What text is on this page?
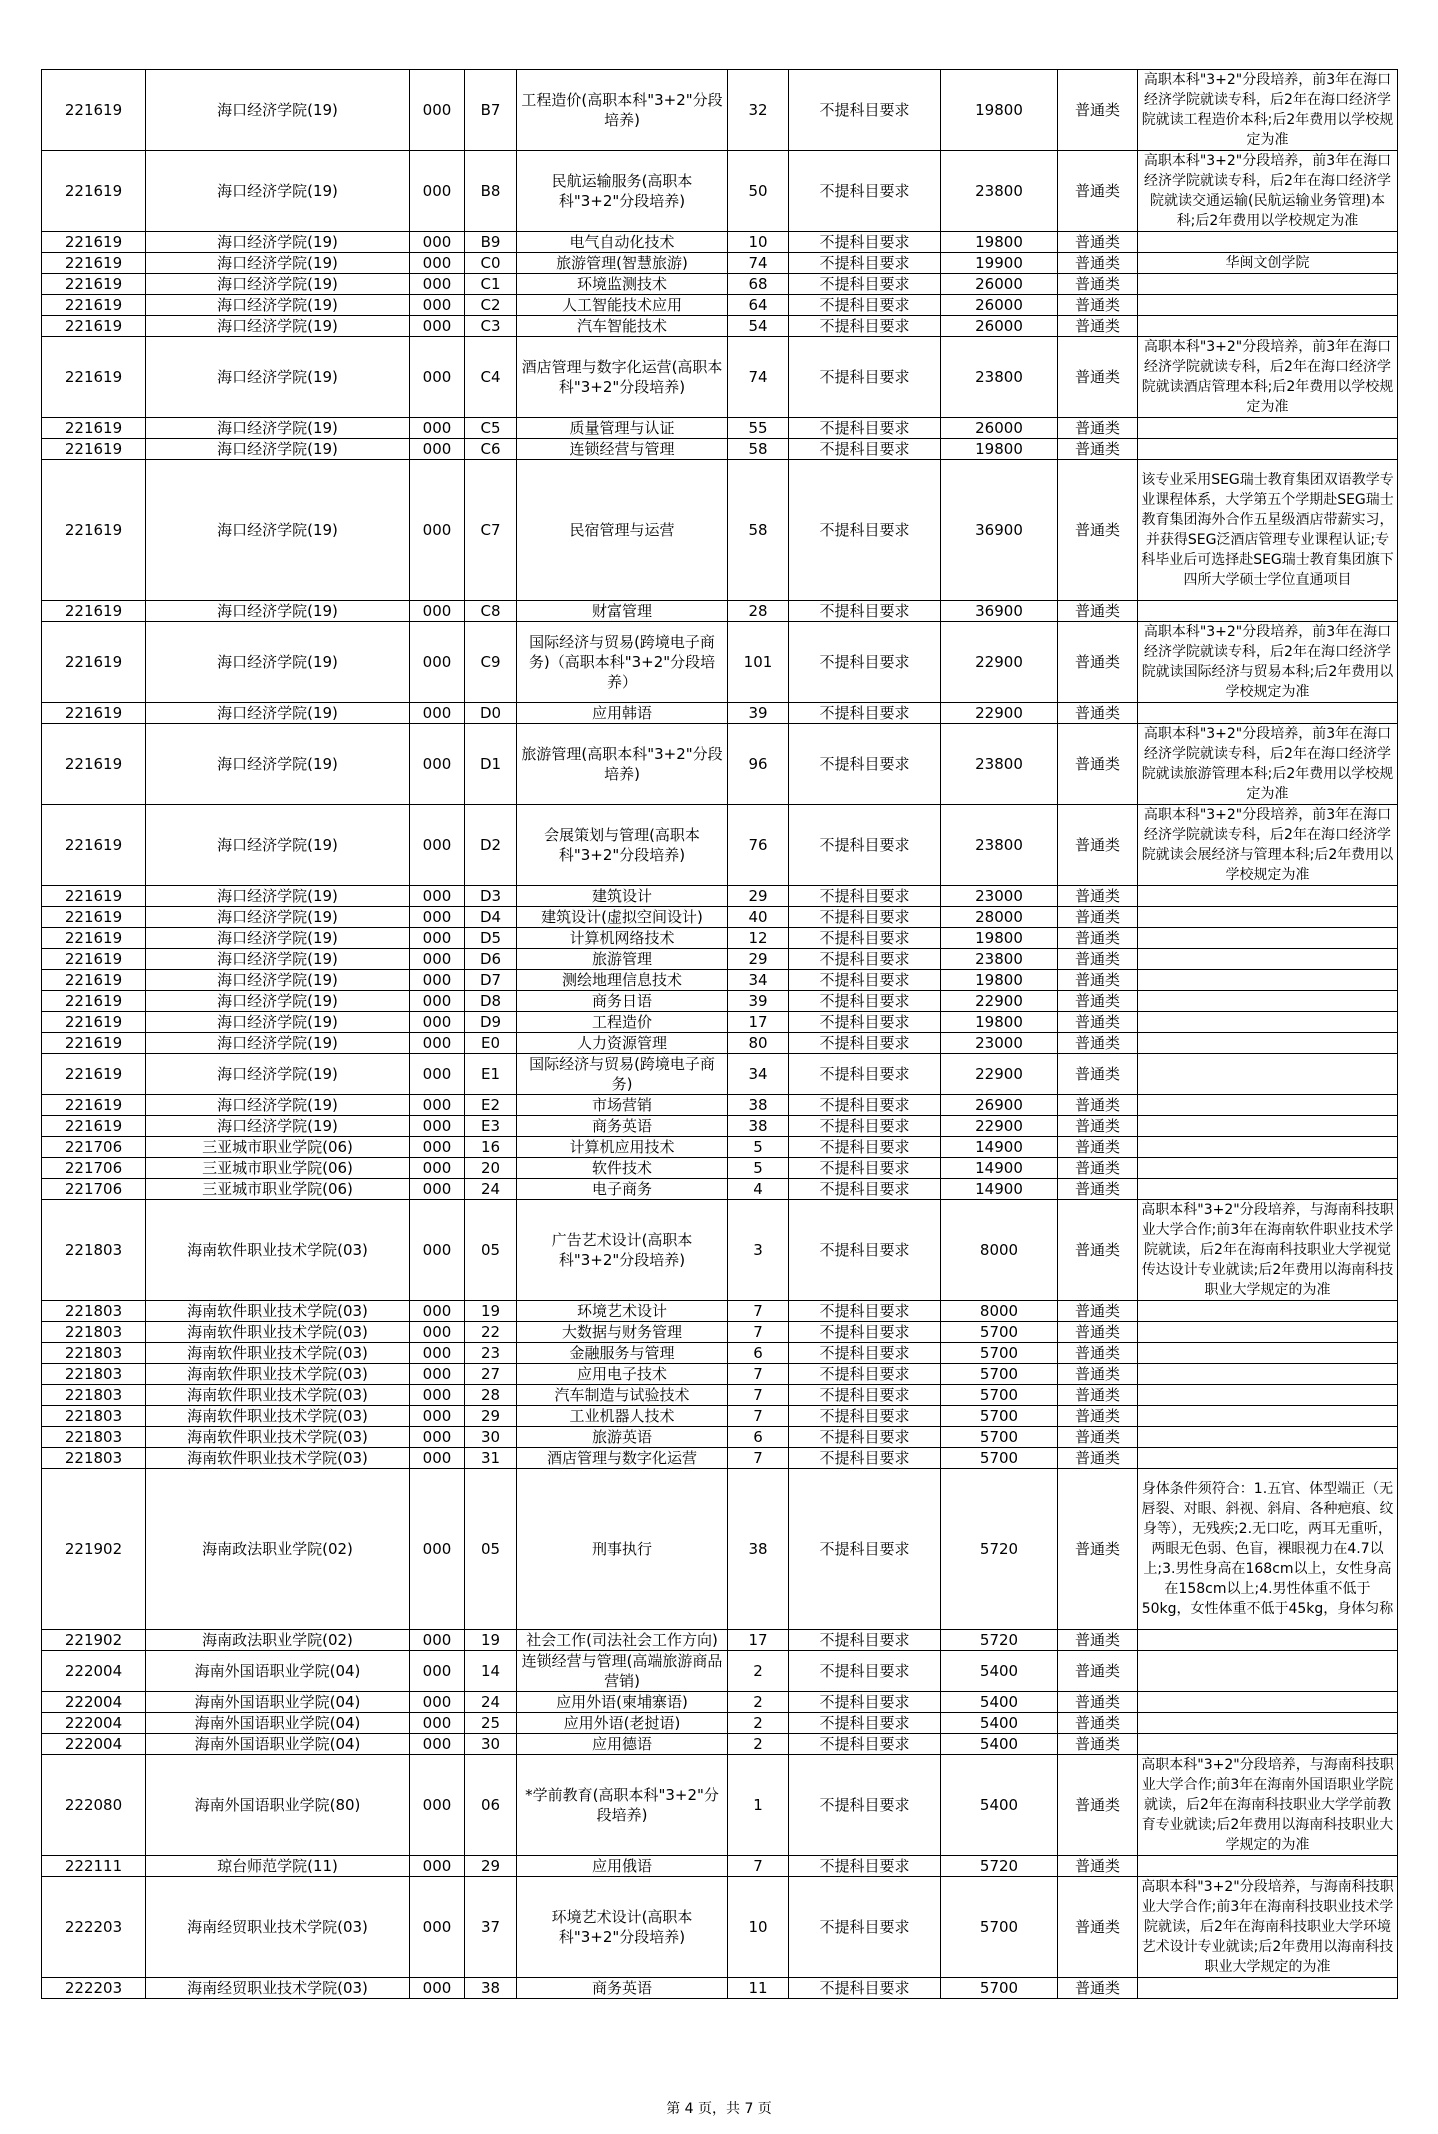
221619	海口经济学院(19)	000	B7	工程造价(高职本科"3+2"分段培养)	32	不提科目要求	19800	普通类	高职本科"3+2"分段培养，前3年在海口经济学院就读专科，后2年在海口经济学院就读工程造价本科;后2年费用以学校规定为准
221619	海口经济学院(19)	000	B8	民航运输服务(高职本科"3+2"分段培养)	50	不提科目要求	23800	普通类	高职本科"3+2"分段培养，前3年在海口经济学院就读专科，后2年在海口经济学院就读交通运输(民航运输业务管理)本科;后2年费用以学校规定为准
221619	海口经济学院(19)	000	B9	电气自动化技术	10	不提科目要求	19800	普通类	
221619	海口经济学院(19)	000	C0	旅游管理(智慧旅游)	74	不提科目要求	19900	普通类	华闽文创学院
221619	海口经济学院(19)	000	C1	环境监测技术	68	不提科目要求	26000	普通类	
221619	海口经济学院(19)	000	C2	人工智能技术应用	64	不提科目要求	26000	普通类	
221619	海口经济学院(19)	000	C3	汽车智能技术	54	不提科目要求	26000	普通类	
221619	海口经济学院(19)	000	C4	酒店管理与数字化运营(高职本科"3+2"分段培养)	74	不提科目要求	23800	普通类	高职本科"3+2"分段培养，前3年在海口经济学院就读专科，后2年在海口经济学院就读酒店管理本科;后2年费用以学校规定为准
221619	海口经济学院(19)	000	C5	质量管理与认证	55	不提科目要求	26000	普通类	
221619	海口经济学院(19)	000	C6	连锁经营与管理	58	不提科目要求	19800	普通类	
221619	海口经济学院(19)	000	C7	民宿管理与运营	58	不提科目要求	36900	普通类	该专业采用SEG瑞士教育集团双语教学专业课程体系，大学第五个学期赴SEG瑞士教育集团海外合作五星级酒店带薪实习，并获得SEG泛酒店管理专业课程认证;专科毕业后可选择赴SEG瑞士教育集团旗下四所大学硕士学位直通项目
221619	海口经济学院(19)	000	C8	财富管理	28	不提科目要求	36900	普通类	
221619	海口经济学院(19)	000	C9	国际经济与贸易(跨境电子商务)（高职本科"3+2"分段培养）	101	不提科目要求	22900	普通类	高职本科"3+2"分段培养，前3年在海口经济学院就读专科，后2年在海口经济学院就读国际经济与贸易本科;后2年费用以学校规定为准
221619	海口经济学院(19)	000	D0	应用韩语	39	不提科目要求	22900	普通类	
221619	海口经济学院(19)	000	D1	旅游管理(高职本科"3+2"分段培养)	96	不提科目要求	23800	普通类	高职本科"3+2"分段培养，前3年在海口经济学院就读专科，后2年在海口经济学院就读旅游管理本科;后2年费用以学校规定为准
221619	海口经济学院(19)	000	D2	会展策划与管理(高职本科"3+2"分段培养)	76	不提科目要求	23800	普通类	高职本科"3+2"分段培养，前3年在海口经济学院就读专科，后2年在海口经济学院就读会展经济与管理本科;后2年费用以学校规定为准
221619	海口经济学院(19)	000	D3	建筑设计	29	不提科目要求	23000	普通类	
221619	海口经济学院(19)	000	D4	建筑设计(虚拟空间设计)	40	不提科目要求	28000	普通类	
221619	海口经济学院(19)	000	D5	计算机网络技术	12	不提科目要求	19800	普通类	
221619	海口经济学院(19)	000	D6	旅游管理	29	不提科目要求	23800	普通类	
221619	海口经济学院(19)	000	D7	测绘地理信息技术	34	不提科目要求	19800	普通类	
221619	海口经济学院(19)	000	D8	商务日语	39	不提科目要求	22900	普通类	
221619	海口经济学院(19)	000	D9	工程造价	17	不提科目要求	19800	普通类	
221619	海口经济学院(19)	000	E0	人力资源管理	80	不提科目要求	23000	普通类	
221619	海口经济学院(19)	000	E1	国际经济与贸易(跨境电子商务)	34	不提科目要求	22900	普通类	
221619	海口经济学院(19)	000	E2	市场营销	38	不提科目要求	26900	普通类	
221619	海口经济学院(19)	000	E3	商务英语	38	不提科目要求	22900	普通类	
221706	三亚城市职业学院(06)	000	16	计算机应用技术	5	不提科目要求	14900	普通类	
221706	三亚城市职业学院(06)	000	20	软件技术	5	不提科目要求	14900	普通类	
221706	三亚城市职业学院(06)	000	24	电子商务	4	不提科目要求	14900	普通类	
221803	海南软件职业技术学院(03)	000	05	广告艺术设计(高职本科"3+2"分段培养)	3	不提科目要求	8000	普通类	高职本科"3+2"分段培养，与海南科技职业大学合作;前3年在海南软件职业技术学院就读，后2年在海南科技职业大学视觉传达设计专业就读;后2年费用以海南科技职业大学规定的为准
221803	海南软件职业技术学院(03)	000	19	环境艺术设计	7	不提科目要求	8000	普通类	
221803	海南软件职业技术学院(03)	000	22	大数据与财务管理	7	不提科目要求	5700	普通类	
221803	海南软件职业技术学院(03)	000	23	金融服务与管理	6	不提科目要求	5700	普通类	
221803	海南软件职业技术学院(03)	000	27	应用电子技术	7	不提科目要求	5700	普通类	
221803	海南软件职业技术学院(03)	000	28	汽车制造与试验技术	7	不提科目要求	5700	普通类	
221803	海南软件职业技术学院(03)	000	29	工业机器人技术	7	不提科目要求	5700	普通类	
221803	海南软件职业技术学院(03)	000	30	旅游英语	6	不提科目要求	5700	普通类	
221803	海南软件职业技术学院(03)	000	31	酒店管理与数字化运营	7	不提科目要求	5700	普通类	
221902	海南政法职业学院(02)	000	05	刑事执行	38	不提科目要求	5720	普通类	身体条件须符合：1.五官、体型端正（无唇裂、对眼、斜视、斜肩、各种疤痕、纹身等），无残疾;2.无口吃，两耳无重听，两眼无色弱、色盲，裸眼视力在4.7以上;3.男性身高在168cm以上，女性身高在158cm以上;4.男性体重不低于50kg，女性体重不低于45kg，身体匀称
221902	海南政法职业学院(02)	000	19	社会工作(司法社会工作方向)	17	不提科目要求	5720	普通类	
222004	海南外国语职业学院(04)	000	14	连锁经营与管理(高端旅游商品营销)	2	不提科目要求	5400	普通类	
222004	海南外国语职业学院(04)	000	24	应用外语(柬埔寨语)	2	不提科目要求	5400	普通类	
222004	海南外国语职业学院(04)	000	25	应用外语(老挝语)	2	不提科目要求	5400	普通类	
222004	海南外国语职业学院(04)	000	30	应用德语	2	不提科目要求	5400	普通类	
222080	海南外国语职业学院(80)	000	06	*学前教育(高职本科"3+2"分段培养)	1	不提科目要求	5400	普通类	高职本科"3+2"分段培养，与海南科技职业大学合作;前3年在海南外国语职业学院就读，后2年在海南科技职业大学学前教育专业就读;后2年费用以海南科技职业大学规定的为准
222111	琼台师范学院(11)	000	29	应用俄语	7	不提科目要求	5720	普通类	
222203	海南经贸职业技术学院(03)	000	37	环境艺术设计(高职本科"3+2"分段培养)	10	不提科目要求	5700	普通类	高职本科"3+2"分段培养，与海南科技职业大学合作;前3年在海南科技职业技术学院就读，后2年在海南科技职业大学环境艺术设计专业就读;后2年费用以海南科技职业大学规定的为准
222203	海南经贸职业技术学院(03)	000	38	商务英语	11	不提科目要求	5700	普通类	
第 4 页，共 7 页
